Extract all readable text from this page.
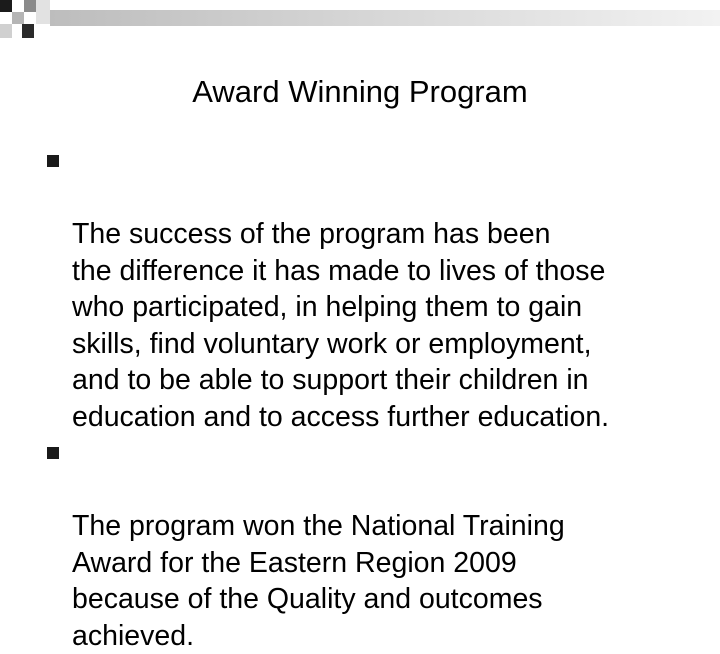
Award Winning Program

The success of the program has been
the difference it has made to lives of those
who participated, in helping them to gain
skills, find voluntary work or employment,
and to be able to support their children in
education and to access further education.

The program won the National Training
Award for the Eastern Region 2009
because of the Quality and outcomes
achieved.
